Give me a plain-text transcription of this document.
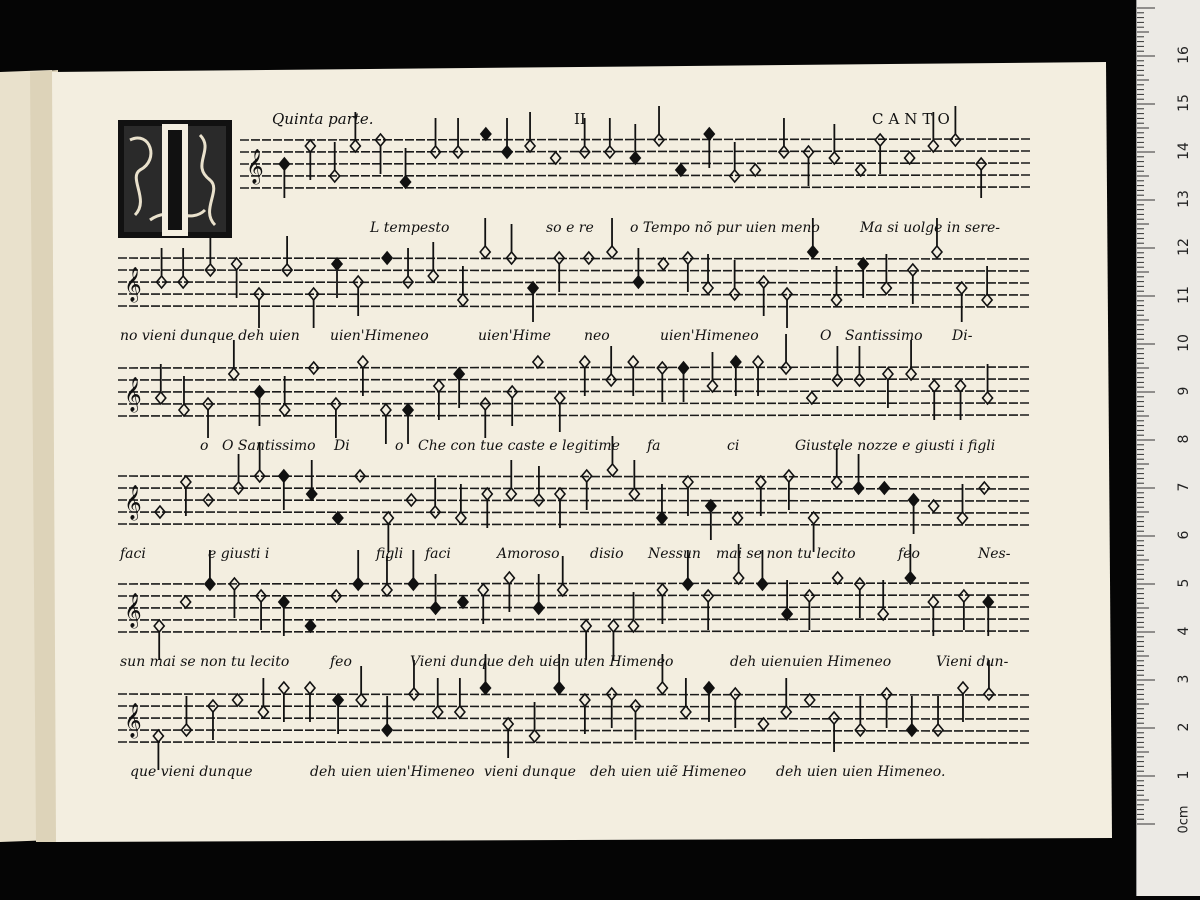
𝄞
𝄞
𝄞
𝄞
𝄞
𝄞
Quinta parte.	II	CANTO
L tempesto	so e re	o Tempo nõ pur uien meno	Ma si uolge in sere-
no vieni dunque deh uien uien'Himeneo	uien'Hime neo	uien'Himeneo	O Santissimo Di-
o O Santissimo Di	o Che con tue caste e legitime fa	ci	Giuste le nozze e giusti i figli
faci	e giusti i	figli faci	Amoroso disio Nessun mai se non tu lecito	feo	Nes-
sun mai se non tu lecito	feo	Vieni dunque deh uien uien Himeneo	deh uien uien Himeneo	Vieni dun-
que vieni dunque	deh uien uien'Himeneo vieni dunque deh uien uiẽ Himeneo deh uien uien Himeneo.
0cm
1
2
3
4
5
6
7
8
9
10
11
12
13
14
15
16
